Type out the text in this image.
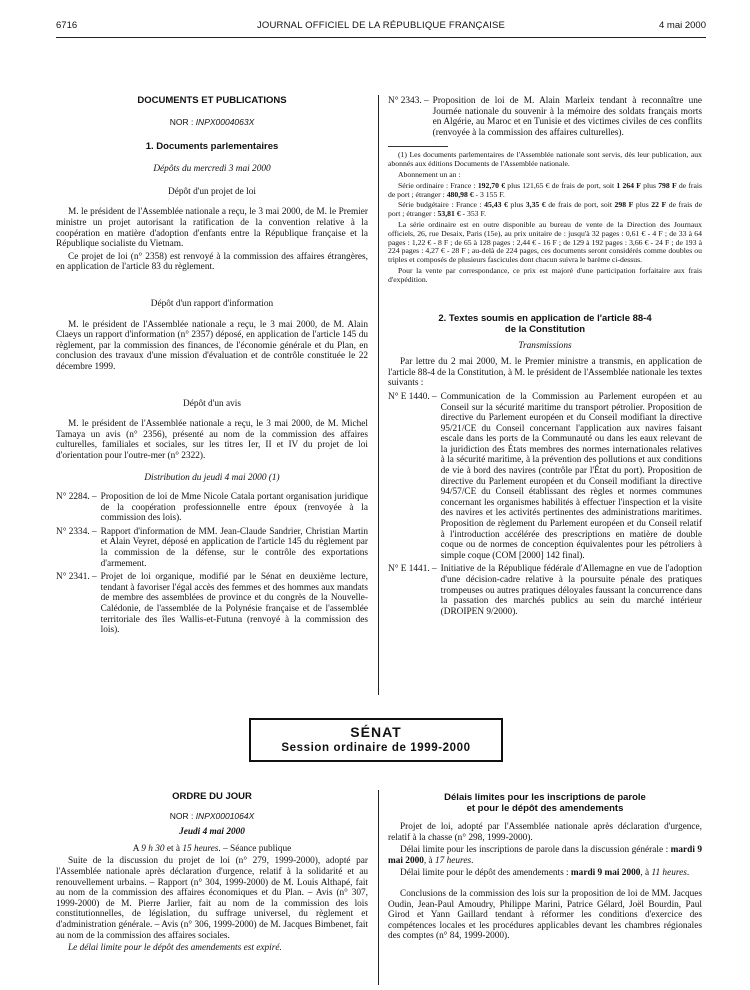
6716	JOURNAL OFFICIEL DE LA RÉPUBLIQUE FRANÇAISE	4 mai 2000
DOCUMENTS ET PUBLICATIONS
NOR : INPX0004063X
1. Documents parlementaires
Dépôts du mercredi 3 mai 2000
Dépôt d'un projet de loi

M. le président de l'Assemblée nationale a reçu, le 3 mai 2000, de M. le Premier ministre un projet autorisant la ratification de la convention relative à la coopération en matière d'adoption d'enfants entre la République française et la République socialiste du Vietnam.

Ce projet de loi (n° 2358) est renvoyé à la commission des affaires étrangères, en application de l'article 83 du règlement.

Dépôt d'un rapport d'information

M. le président de l'Assemblée nationale a reçu, le 3 mai 2000, de M. Alain Claeys un rapport d'information (n° 2357) déposé, en application de l'article 145 du règlement, par la commission des finances, de l'économie générale et du Plan, en conclusion des travaux d'une mission d'évaluation et de contrôle constituée le 22 décembre 1999.

Dépôt d'un avis

M. le président de l'Assemblée nationale a reçu, le 3 mai 2000, de M. Michel Tamaya un avis (n° 2356), présenté au nom de la commission des affaires culturelles, familiales et sociales, sur les titres Ier, II et IV du projet de loi d'orientation pour l'outre-mer (n° 2322).

Distribution du jeudi 4 mai 2000 (1)
N° 2284. – Proposition de loi de Mme Nicole Catala portant organisation juridique de la coopération professionnelle entre époux (renvoyée à la commission des lois).
N° 2334. – Rapport d'information de MM. Jean-Claude Sandrier, Christian Martin et Alain Veyret, déposé en application de l'article 145 du règlement par la commission de la défense, sur le contrôle des exportations d'armement.
N° 2341. – Projet de loi organique, modifié par le Sénat en deuxième lecture, tendant à favoriser l'égal accès des femmes et des hommes aux mandats de membre des assemblées de province et du congrès de la Nouvelle-Calédonie, de l'assemblée de la Polynésie française et de l'assemblée territoriale des îles Wallis-et-Futuna (renvoyé à la commission des lois).
N° 2343. – Proposition de loi de M. Alain Marleix tendant à reconnaître une Journée nationale du souvenir à la mémoire des soldats français morts en Algérie, au Maroc et en Tunisie et des victimes civiles de ces conflits (renvoyée à la commission des affaires culturelles).

(1) Les documents parlementaires de l'Assemblée nationale sont servis, dès leur publication, aux abonnés aux éditions Documents de l'Assemblée nationale.

Abonnement un an :

Série ordinaire : France : 192,70 € plus 121,65 € de frais de port, soit 1 264 F plus 798 F de frais de port ; étranger : 480,98 € - 3 155 F.

Série budgétaire : France : 45,43 € plus 3,35 € de frais de port, soit 298 F plus 22 F de frais de port ; étranger : 53,81 € - 353 F.

La série ordinaire est en outre disponible au bureau de vente de la Direction des Journaux officiels, 26, rue Desaix, Paris (15e), au prix unitaire de : jusqu'à 32 pages : 0,61 € - 4 F ; de 33 à 64 pages : 1,22 € - 8 F ; de 65 à 128 pages : 2,44 € - 16 F ; de 129 à 192 pages : 3,66 € - 24 F ; de 193 à 224 pages : 4,27 € - 28 F ; au-delà de 224 pages, ces documents seront considérés comme doubles ou triples et composés de plusieurs fascicules dont chacun suivra le barème ci-dessus.

Pour la vente par correspondance, ce prix est majoré d'une participation forfaitaire aux frais d'expédition.

2. Textes soumis en application de l'article 88-4
de la Constitution
Transmissions

Par lettre du 2 mai 2000, M. le Premier ministre a transmis, en application de l'article 88-4 de la Constitution, à M. le président de l'Assemblée nationale les textes suivants :

N° E 1440. – Communication de la Commission au Parlement européen et au Conseil sur la sécurité maritime du transport pétrolier. Proposition de directive du Parlement européen et du Conseil modifiant la directive 95/21/CE du Conseil concernant l'application aux navires faisant escale dans les ports de la Communauté ou dans les eaux relevant de la juridiction des États membres des normes internationales relatives à la sécurité maritime, à la prévention des pollutions et aux conditions de vie à bord des navires (contrôle par l'État du port). Proposition de directive du Parlement européen et du Conseil modifiant la directive 94/57/CE du Conseil établissant des règles et normes communes concernant les organismes habilités à effectuer l'inspection et la visite des navires et les activités pertinentes des administrations maritimes. Proposition de règlement du Parlement européen et du Conseil relatif à l'introduction accélérée des prescriptions en matière de double coque ou de normes de conception équivalentes pour les pétroliers à simple coque (COM [2000] 142 final).
N° E 1441. – Initiative de la République fédérale d'Allemagne en vue de l'adoption d'une décision-cadre relative à la poursuite pénale des pratiques trompeuses ou autres pratiques déloyales faussant la concurrence dans la passation des marchés publics au sein du marché intérieur (DROIPEN 9/2000).
SÉNAT
Session ordinaire de 1999-2000
ORDRE DU JOUR
NOR : INPX0001064X
Jeudi 4 mai 2000

A 9 h 30 et à 15 heures. – Séance publique

Suite de la discussion du projet de loi (n° 279, 1999-2000), adopté par l'Assemblée nationale après déclaration d'urgence, relatif à la solidarité et au renouvellement urbains. – Rapport (n° 304, 1999-2000) de M. Louis Althapé, fait au nom de la commission des affaires économiques et du Plan. – Avis (n° 307, 1999-2000) de M. Pierre Jarlier, fait au nom de la commission des lois constitutionnelles, de législation, du suffrage universel, du règlement et d'administration générale. – Avis (n° 306, 1999-2000) de M. Jacques Bimbenet, fait au nom de la commission des affaires sociales.

Le délai limite pour le dépôt des amendements est expiré.

Délais limites pour les inscriptions de parole
et pour le dépôt des amendements

Projet de loi, adopté par l'Assemblée nationale après déclaration d'urgence, relatif à la chasse (n° 298, 1999-2000).

Délai limite pour les inscriptions de parole dans la discussion générale : mardi 9 mai 2000, à 17 heures.

Délai limite pour le dépôt des amendements : mardi 9 mai 2000, à 11 heures.

Conclusions de la commission des lois sur la proposition de loi de MM. Jacques Oudin, Jean-Paul Amoudry, Philippe Marini, Patrice Gélard, Joël Bourdin, Paul Girod et Yann Gaillard tendant à réformer les conditions d'exercice des compétences locales et les procédures applicables devant les chambres régionales des comptes (n° 84, 1999-2000).
